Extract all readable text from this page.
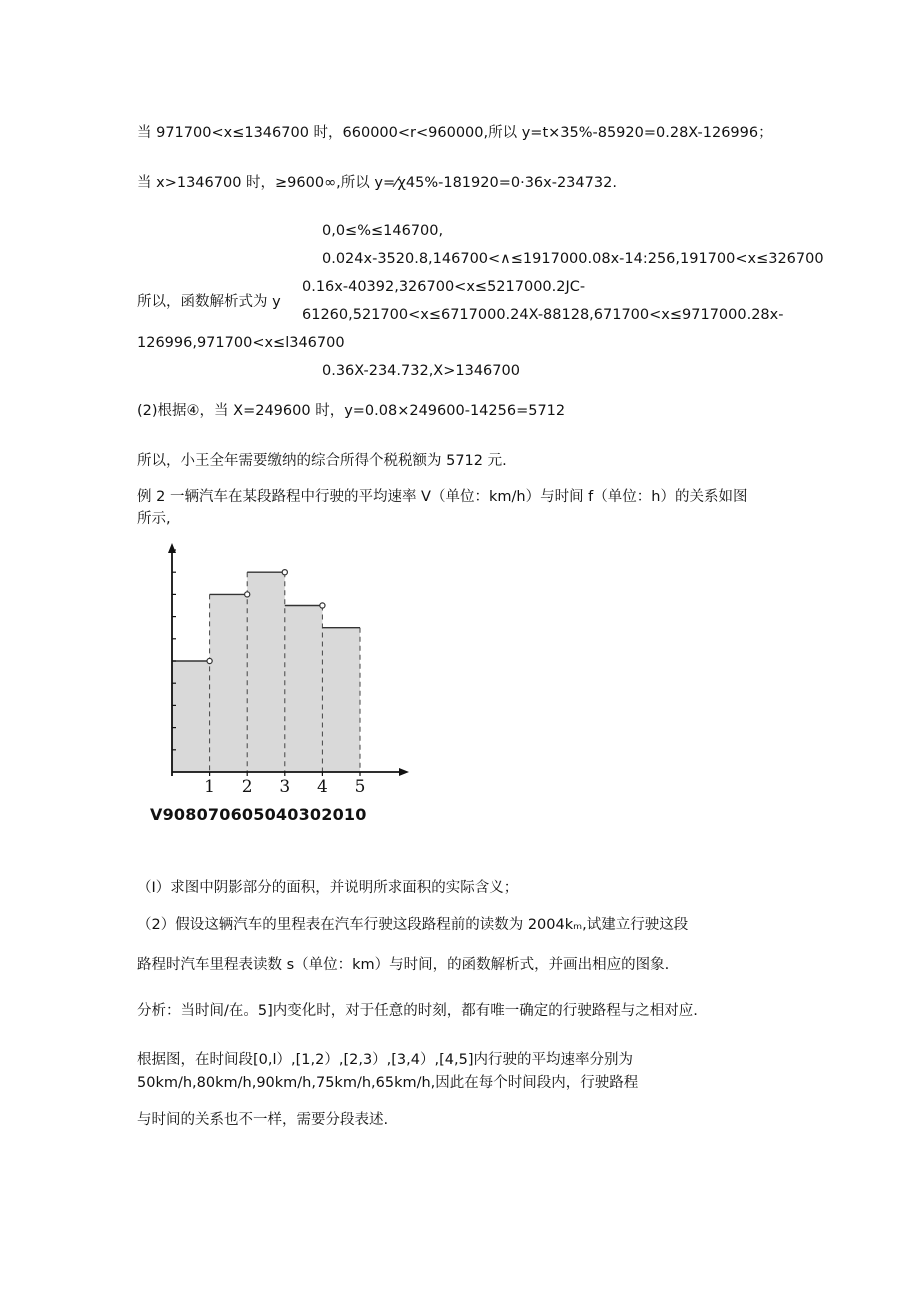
当 971700<x≤1346700 时，660000<r<960000,所以 y=t×35%-85920=0.28X-126996；
当 x>1346700 时，≥9600∞,所以 y=⁄χ45%-181920=0·36x-234732.
0,0≤%≤146700,
0.024x-3520.8,146700<∧≤1917000.08x-14:256,191700<x≤326700
0.16x-40392,326700<x≤5217000.2JC-
所以，函数解析式为 y
61260,521700<x≤6717000.24X-88128,671700<x≤9717000.28x-
126996,971700<x≤l346700
0.36X-234.732,X>1346700
(2)根据④，当 X=249600 时，y=0.08×249600-14256=5712
所以，小王全年需要缴纳的综合所得个税税额为 5712 元.
例 2 一辆汽车在某段路程中行驶的平均速率 V（单位：km/h）与时间 f（单位：h）的关系如图
所示,
1 2 3 4 5
V908070605040302010
（I）求图中阴影部分的面积，并说明所求面积的实际含义；
（2）假设这辆汽车的里程表在汽车行驶这段路程前的读数为 2004kₘ,试建立行驶这段
路程时汽车里程表读数 s（单位：km）与时间，的函数解析式，并画出相应的图象.
分析：当时间/在。5]内变化时，对于任意的时刻，都有唯一确定的行驶路程与之相对应.
根据图，在时间段[0,l）,[1,2）,[2,3）,[3,4）,[4,5]内行驶的平均速率分别为
50km/h,80km/h,90km/h,75km/h,65km/h,因此在每个时间段内，行驶路程
与时间的关系也不一样，需要分段表述.
